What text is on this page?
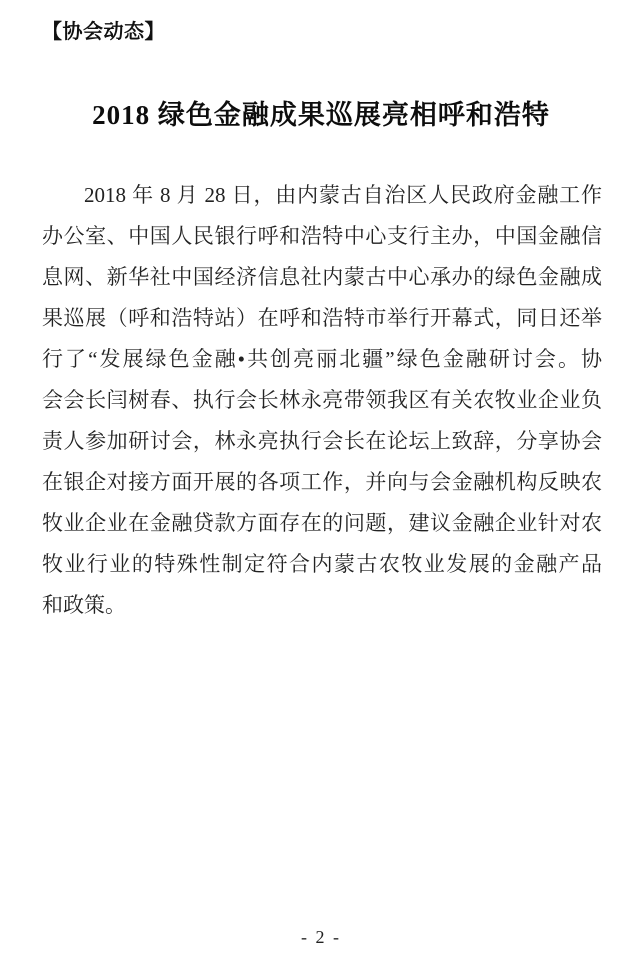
【协会动态】
2018 绿色金融成果巡展亮相呼和浩特
2018 年 8 月 28 日，由内蒙古自治区人民政府金融工作
办公室、中国人民银行呼和浩特中心支行主办，中国金融信
息网、新华社中国经济信息社内蒙古中心承办的绿色金融成
果巡展（呼和浩特站）在呼和浩特市举行开幕式，同日还举
行了“发展绿色金融•共创亮丽北疆”绿色金融研讨会。协
会会长闫树春、执行会长林永亮带领我区有关农牧业企业负
责人参加研讨会，林永亮执行会长在论坛上致辞，分享协会
在银企对接方面开展的各项工作，并向与会金融机构反映农
牧业企业在金融贷款方面存在的问题，建议金融企业针对农
牧业行业的特殊性制定符合内蒙古农牧业发展的金融产品
和政策。
- 2 -
